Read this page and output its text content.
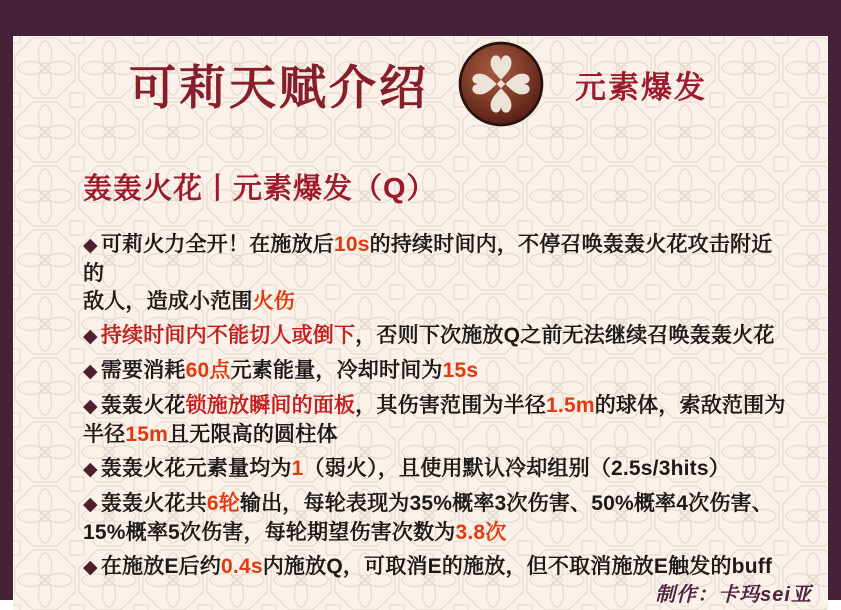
可莉天赋介绍	元素爆发
轰轰火花丨元素爆发（Q）
◆ 可莉火力全开！在施放后10s的持续时间内，不停召唤轰轰火花攻击附近的
敌人，造成小范围火伤
◆ 持续时间内不能切人或倒下，否则下次施放Q之前无法继续召唤轰轰火花
◆ 需要消耗60点元素能量，冷却时间为15s
◆ 轰轰火花锁施放瞬间的面板，其伤害范围为半径1.5m的球体，索敌范围为
半径15m且无限高的圆柱体
◆ 轰轰火花元素量均为1（弱火），且使用默认冷却组别（2.5s/3hits）
◆ 轰轰火花共6轮输出，每轮表现为35%概率3次伤害、50%概率4次伤害、
15%概率5次伤害，每轮期望伤害次数为3.8次
◆ 在施放E后约0.4s内施放Q，可取消E的施放，但不取消施放E触发的buff
制作：卡玛sei亚
